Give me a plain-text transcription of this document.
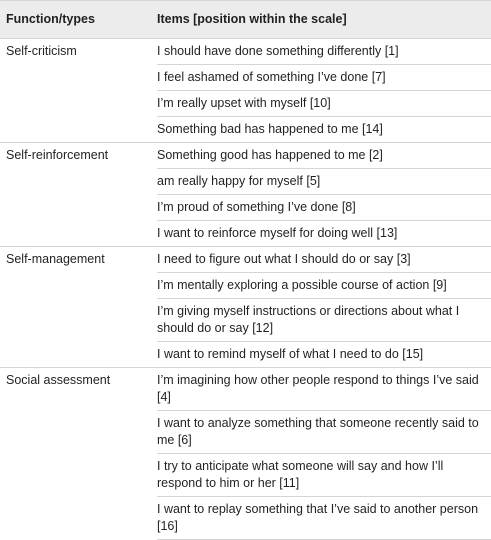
Function/types	Items [position within the scale]
Self-criticism	I should have done something differently [1]
	I feel ashamed of something I’ve done [7]
	I’m really upset with myself [10]
	Something bad has happened to me [14]
Self-reinforcement	Something good has happened to me [2]
	am really happy for myself [5]
	I’m proud of something I’ve done [8]
	I want to reinforce myself for doing well [13]
Self-management	I need to figure out what I should do or say [3]
	I’m mentally exploring a possible course of action [9]
	I’m giving myself instructions or directions about what I should do or say [12]
	I want to remind myself of what I need to do [15]
Social assessment	I’m imagining how other people respond to things I’ve said [4]
	I want to analyze something that someone recently said to me [6]
	I try to anticipate what someone will say and how I’ll respond to him or her [11]
	I want to replay something that I’ve said to another person [16]
